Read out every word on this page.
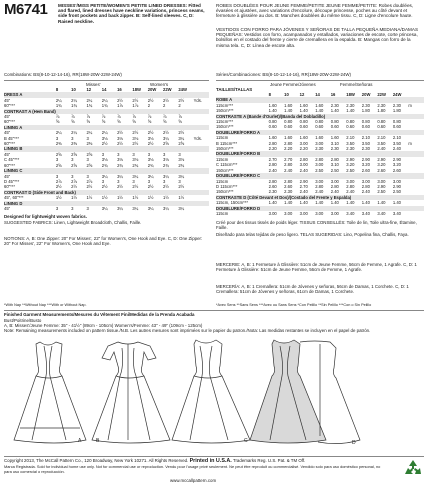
M6741 MISSES'/MISS PETITE/WOMEN'S PETITE LINED DRESSES: Fitted and flared, lined dresses have neckline variations, princess seams, side front pockets and back zipper. B: Self-lined sleeves. C, D: Raised neckline.
ROBES DOUBLÉES POUR JEUNE FEMME/PETITE JEUNE FEMME/PETITE: Robes doublées, évasées et ajustées, avec variations d'encolure, découpe princesse, poches au côté devant et fermeture à glissière au dos. B: Manches doublées du même tissu. C, D: Ligne d'encolure haute.
VESTIDOS CON FORRO PARA JÓVENES Y SEÑORAS DE TALLA PEQUEÑA MEDIANA/DAMAS PEQUEÑAS: Vestidos con forro, acampanados y entallados, variaciones de escote, corte princesa, bolsillos en el costado del frente y cierre de cremallera en la espalda. B: Mangas con forro de la misma tela. C, D: Línea de escote alta.
Combinations: BS(8-10-12-14-16), RR(18W-20W-22W-24W)
Misses'	Women's
	8	10	12	14	16	18W	20W	22W	24W	
DRESS A										
45"	2¼	2¼	2¼	2¼	2½	2½	2½	2½	2½	Yds.
60"***	1¾	1¾	1¾	1¾	1⅞	1⅞	2	2	2	
CONTRAST A (Hem Band)										
45"	⅞	⅞	⅞	⅞	⅞	⅞	⅞	⅞	⅞	
60"***	⅝	⅝	⅝	⅝	⅝	⅝	⅝	⅝	⅝	
LINING A										
45"	2¼	2¼	2¼	2¼	2½	2½	2½	2½	2½	
B 45"***	3	3	3	3⅛	3⅛	3⅛	3⅛	3¼	3¼	Yds.
60"***	2⅜	2⅜	2⅜	2½	2½	2½	2½	2⅝	2⅝	
LINING B										
45"	2⅝	2⅝	2⅝	3	3	3	3	3	3	
C 45"***	3	3	3	3⅛	3⅛	3⅛	3⅛	3⅛	3⅛	
60"***	2⅝	2⅝	2⅝	2¾	2¾	2¾	2¾	2¾	2¾	
LINING C										
45"	3	3	3	3¼	3¼	3¼	3¼	3¼	3¼	
D 45"***	2⅞	2⅞	2⅞	3	3	3	3	3	3	
60"***	2½	2½	2½	2½	2½	2½	2½	2½	2½	
CONTRAST D (Side Front and Back)										
45", 60"***	1½	1½	1½	1½	1½	1½	1½	1½	1½	
LINING D										
45"	3	3	3	3¼	3¼	3¼	3¼	3¼	3¼	
Designed for lightweight woven fabrics.
SUGGESTED FABRICS: Linen, Lightweight Broadcloth, Challis, Faille.
NOTIONS: A, B: One Zipper: 20" For Misses', 22" for Women's, One Hook and Eye. C, D: One Zipper: 20" For Misses', 22" For Women's, One Hook and Eye.
*With Nap **Without Nap ***With or Without Nap.
Séries/Combinaciones: BS(8-10-12-14-16), RR(18W-20W-22W-24W)
Jeune Femme/Jóvenes	Femme/Señoras
TAILLES/TALLAS
	8	10	12	14	16	18W	20W	22W	24W	
ROBE A										
115cm***	1.60	1.60	1.60	1.60	2.30	2.30	2.30	2.30	2.30	m
150cm***	1.40	1.40	1.40	1.40	1.40	1.40	1.80	1.80	1.80	
CONTRASTE A (Bande d'Ourlet)/(Banda del Dobladillo)										
115cm***	0.80	0.80	0.80	0.80	0.80	0.80	0.80	0.80	0.80	
150cm***	0.60	0.60	0.60	0.60	0.60	0.60	0.60	0.60	0.60	
DOUBLURE/FORRO A										
115cm	1.60	1.60	1.60	1.60	1.60	2.10	2.10	2.10	2.10	
B 115cm***	2.80	2.80	3.00	3.00	3.10	3.50	3.50	3.50	3.50	m
150cm***	2.20	2.20	2.20	2.30	2.30	2.30	2.30	2.40	2.40	
DOUBLURE/FORRO B										
115cm	2.70	2.70	2.80	2.80	2.80	2.90	2.90	2.90	2.90	
C 115cm***	2.80	2.80	3.00	3.00	3.10	3.20	3.20	3.20	3.20	
150cm***	2.40	2.40	2.40	2.50	2.50	2.50	2.60	2.60	2.60	
DOUBLURE/FORRO C										
115cm	2.80	2.80	2.90	3.00	3.00	3.00	3.00	3.00	3.00	
D 115cm***	2.60	2.60	2.70	2.80	2.80	2.80	2.80	2.90	2.90	
150cm***	2.30	2.30	2.40	2.40	2.40	2.40	2.40	2.50	2.50	
CONTRASTE D (Côté Devant et Dos)/(Costado del Frente y Espalda)										
115cm, 150cm***	1.40	1.40	1.40	1.40	1.40	1.40	1.40	1.40	1.40	
DOUBLURE/FORRO D										
115cm	3.00	3.00	3.00	3.00	3.00	3.40	3.40	3.40	3.40	
Créé pour des tissus tissés de poids léger. TISSUS CONSEILLÉS: Toile de lin, Toile ultra-fine, Étamine, Faille.
Diseñado para telas tejidas de peso ligero. TELAS SUGERIDAS: Lino, Popelina fina, Challis, Faya.
MERCERIE: A, B: 1 Fermeture à Glissière: 51cm de Jeune Femme, 56cm de Femme, 1 Agrafe. C, D: 1 Fermeture à Glissière: 51cm de Jeune Femme, 56cm de Femme, 1 Agrafe.
MERCERÍA: A, B: 1 Cremallera: 51cm de Jóvenes y señoras, 56cm de Damas, 1 Corchete. C, D: 1 Cremallera: 51cm de Jóvenes y señoras, 61cm de Damas, 1 Corchete.
*Avec Sens **Sans Sens ***Avec ou Sans Sens *Con Pelillo **Sin Pelillo ***Con o Sin Pelillo
Finished Garment Measurements/Mesures du Vêtement Fini/Medidas de la Prenda Acabada
Bust/Poitrine/Busto
A, B: Misses'/Jeune Femme: 35" - 41½" (89cm - 105cm) Women's/Femme: 43" - 49" (109cm - 125cm)
Note: Remaining measurements included on pattern tissue./N.B. Les autres mesures sont imprimées sur le papier du patron./Nota: Las medidas restantes se incluyen en el papel de patrón.
A	B	C	D
Copyright 2013, The McCall Pattern Co., 120 Broadway, New York 10271. All Rights Reserved. Printed in U.S.A. Trademarks Reg. U.S. Pat. & TM Off.
Marca Registrada. Sold for individual home use only. Not for commercial use or reproduction. Vendu pour l'usage privé seulement. Ne peut être reproduit ou commercialisé. Vendido solo para uso doméstico personal, no para uso comercial o reproducción.
www.mccallpattern.com
